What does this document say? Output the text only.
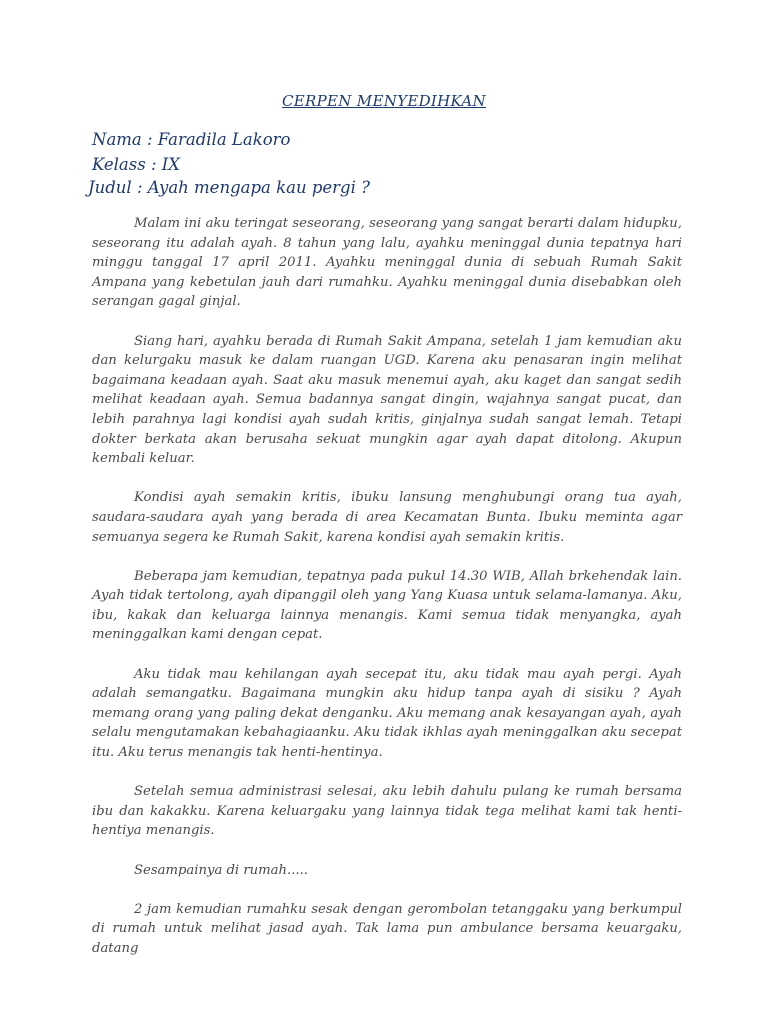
CERPEN MENYEDIHKAN
Nama : Faradila Lakoro
Kelass : IX
Judul : Ayah mengapa kau pergi ?

Malam ini aku teringat seseorang, seseorang yang sangat berarti dalam hidupku, seseorang itu adalah ayah. 8 tahun yang lalu, ayahku meninggal dunia tepatnya hari minggu tanggal 17 april 2011. Ayahku meninggal dunia di sebuah Rumah Sakit Ampana yang kebetulan jauh dari rumahku. Ayahku meninggal dunia disebabkan oleh serangan gagal ginjal.

Siang hari, ayahku berada di Rumah Sakit Ampana, setelah 1 jam kemudian aku dan kelurgaku masuk ke dalam ruangan UGD. Karena aku penasaran ingin melihat bagaimana keadaan ayah. Saat aku masuk menemui ayah, aku kaget dan sangat sedih melihat keadaan ayah. Semua badannya sangat dingin, wajahnya sangat pucat, dan lebih parahnya lagi kondisi ayah sudah kritis, ginjalnya sudah sangat lemah. Tetapi dokter berkata akan berusaha sekuat mungkin agar ayah dapat ditolong. Akupun kembali keluar.

Kondisi ayah semakin kritis, ibuku lansung menghubungi orang tua ayah, saudara-saudara ayah yang berada di area Kecamatan Bunta. Ibuku meminta agar semuanya segera ke Rumah Sakit, karena kondisi ayah semakin kritis.

Beberapa jam kemudian, tepatnya pada pukul 14.30 WIB, Allah brkehendak lain. Ayah tidak tertolong, ayah dipanggil oleh yang Yang Kuasa untuk selama-lamanya. Aku, ibu, kakak dan keluarga lainnya menangis. Kami semua tidak menyangka, ayah meninggalkan kami dengan cepat.

Aku tidak mau kehilangan ayah secepat itu, aku tidak mau ayah pergi. Ayah adalah semangatku. Bagaimana mungkin aku hidup tanpa ayah di sisiku ? Ayah memang orang yang paling dekat denganku. Aku memang anak kesayangan ayah, ayah selalu mengutamakan kebahagiaanku. Aku tidak ikhlas ayah meninggalkan aku secepat itu. Aku terus menangis tak henti-hentinya.

Setelah semua administrasi selesai, aku lebih dahulu pulang ke rumah bersama ibu dan kakakku. Karena keluargaku yang lainnya tidak tega melihat kami tak henti-hentiya menangis.

Sesampainya di rumah.....

2 jam kemudian rumahku sesak dengan gerombolan tetanggaku yang berkumpul di rumah untuk melihat jasad ayah. Tak lama pun ambulance bersama keuargaku, datang
